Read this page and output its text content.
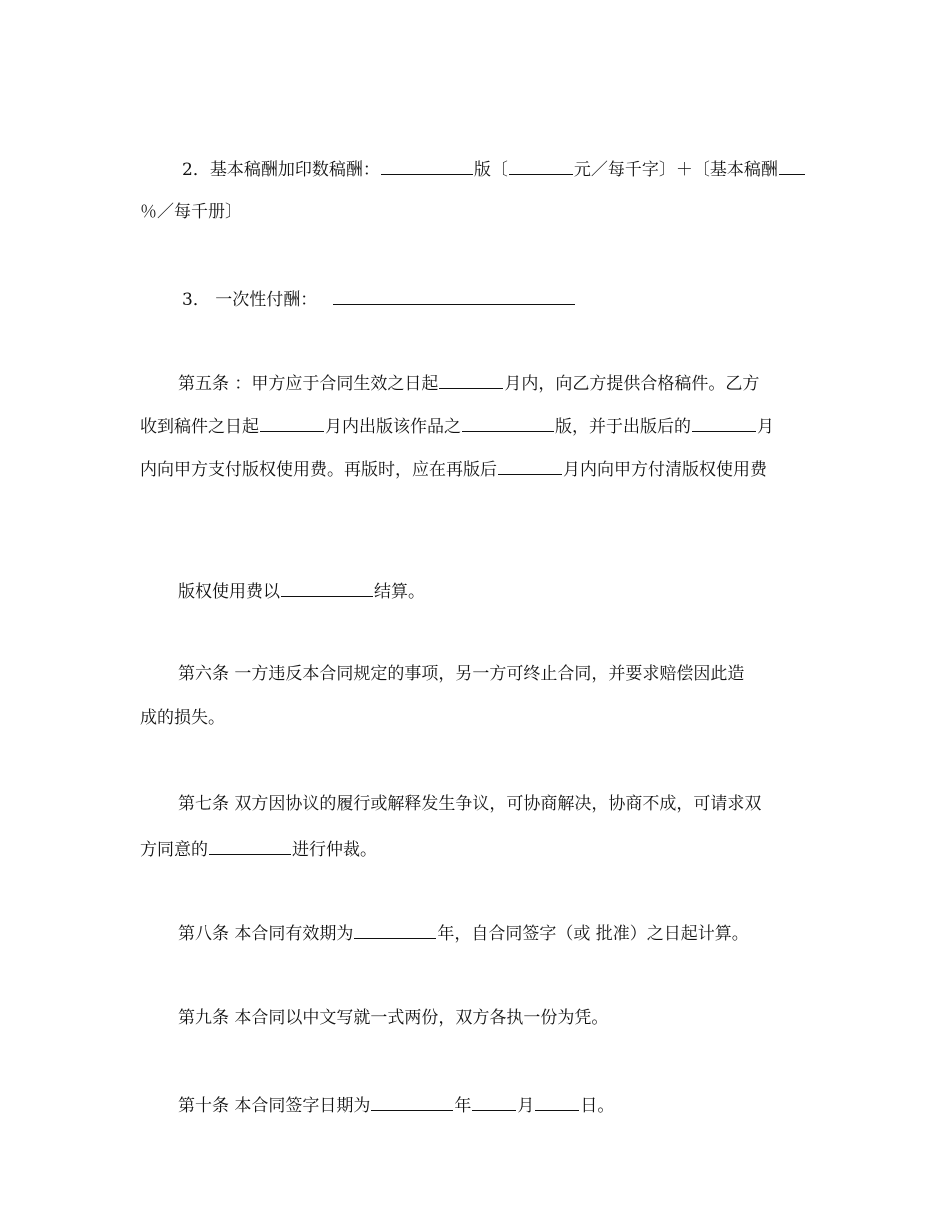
2．基本稿酬加印数稿酬：	版〔	元／每千字〕＋〔基本稿酬
％／每千册〕
3． 一次性付酬：
第五条 ：甲方应于合同生效之日起	月内，向乙方提供合格稿件。乙方
收到稿件之日起	月内出版该作品之	版，并于出版后的	月
内向甲方支付版权使用费。再版时，应在再版后	月内向甲方付清版权使用费
版权使用费以	结算。
第六条 一方违反本合同规定的事项，另一方可终止合同，并要求赔偿因此造
成的损失。
第七条 双方因协议的履行或解释发生争议，可协商解决，协商不成，可请求双
方同意的	进行仲裁。
第八条 本合同有效期为	年，自合同签字（或 批准）之日起计算。
第九条 本合同以中文写就一式两份，双方各执一份为凭。
第十条 本合同签字日期为	年	月	日。
